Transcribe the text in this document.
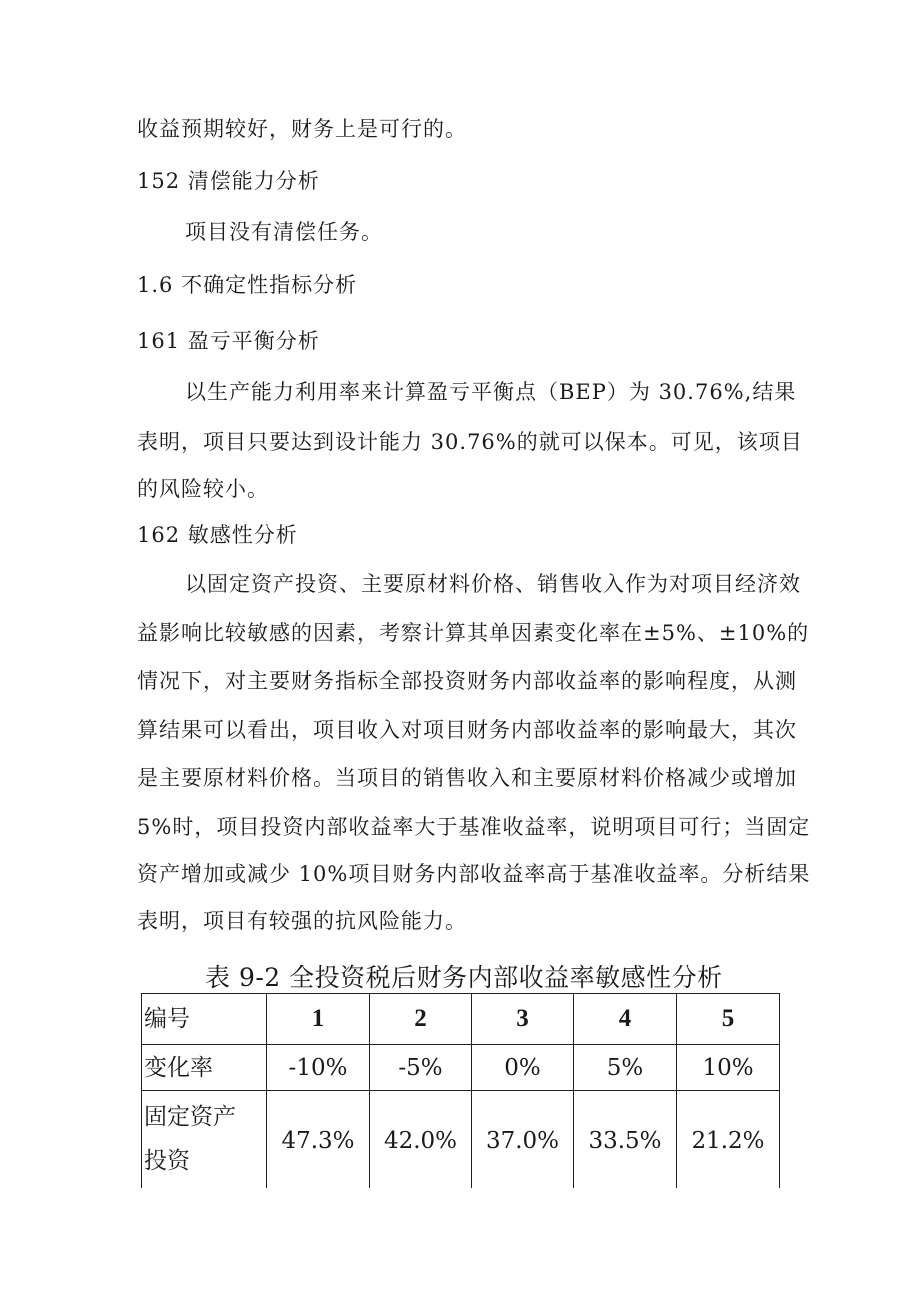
收益预期较好，财务上是可行的。

152 清偿能力分析

项目没有清偿任务。

1.6 不确定性指标分析

161 盈亏平衡分析

以生产能力利用率来计算盈亏平衡点（BEP）为 30.76%,结果

表明，项目只要达到设计能力 30.76%的就可以保本。可见，该项目

的风险较小。

162 敏感性分析

以固定资产投资、主要原材料价格、销售收入作为对项目经济效

益影响比较敏感的因素，考察计算其单因素变化率在±5%、±10%的

情况下，对主要财务指标全部投资财务内部收益率的影响程度，从测

算结果可以看出，项目收入对项目财务内部收益率的影响最大，其次

是主要原材料价格。当项目的销售收入和主要原材料价格减少或增加

5%时，项目投资内部收益率大于基准收益率，说明项目可行；当固定

资产增加或减少 10%项目财务内部收益率高于基准收益率。分析结果

表明，项目有较强的抗风险能力。

表 9-2 全投资税后财务内部收益率敏感性分析

编号	1	2	3	4	5
变化率	-10%	-5%	0%	5%	10%

固定资产
投资	47.3%	42.0%	37.0%	33.5%	21.2%
